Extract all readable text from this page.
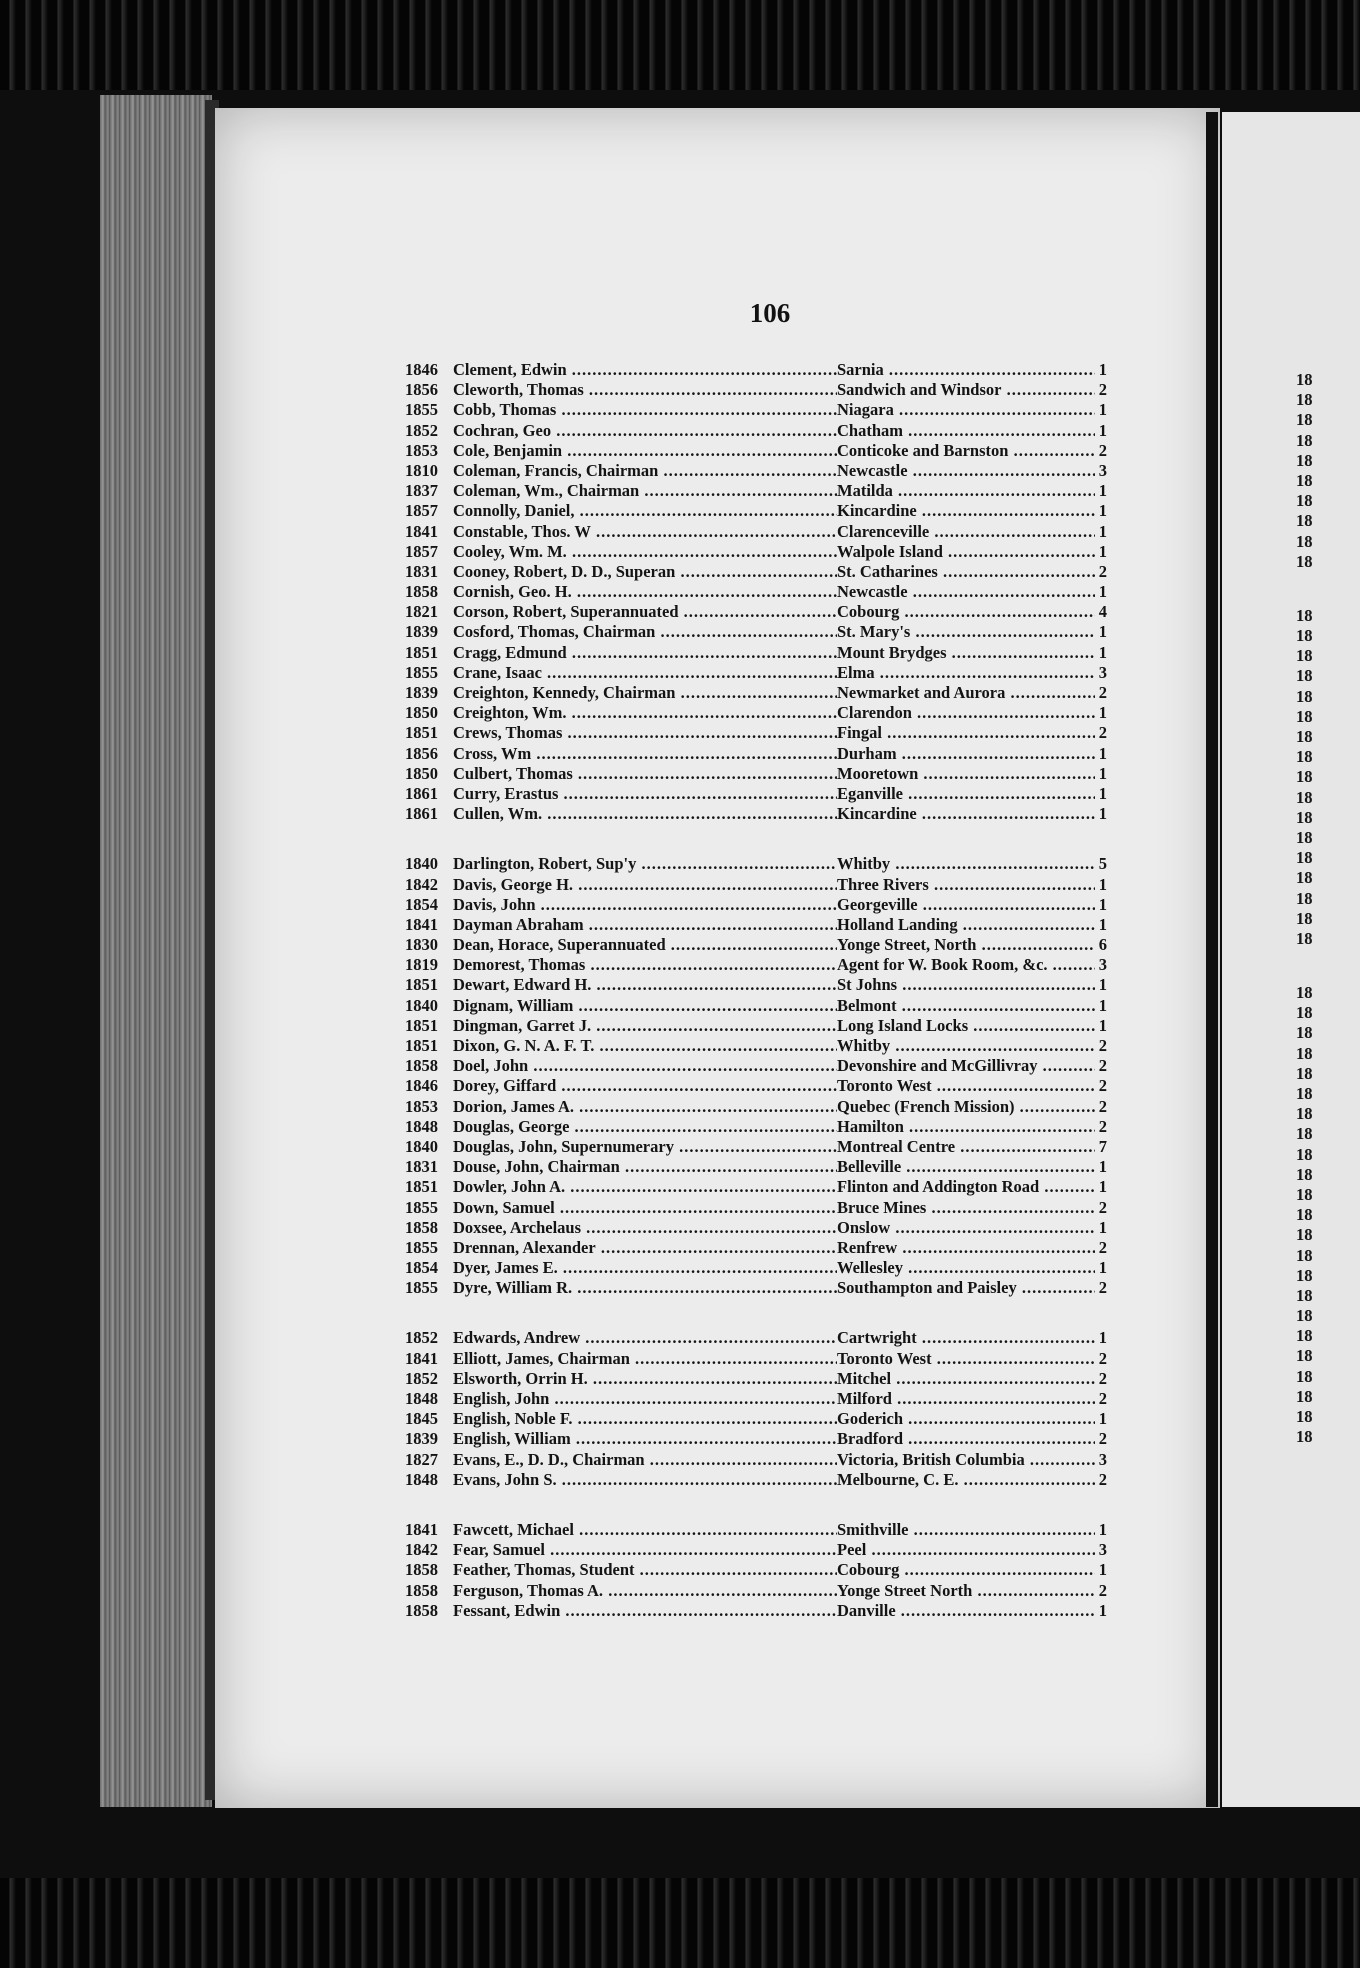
106
1846 Clement, Edwin .....	Sarnia .....	1
1856 Cleworth, Thomas .....	Sandwich and Windsor .....	2
1855 Cobb, Thomas .....	Niagara .....	1
1852 Cochran, Geo .....	Chatham .....	1
1853 Cole, Benjamin .....	Conticoke and Barnston .....	2
1810 Coleman, Francis, Chairman .....	Newcastle .....	3
1837 Coleman, Wm., Chairman .....	Matilda .....	1
1857 Connolly, Daniel, .....	Kincardine .....	1
1841 Constable, Thos. W .....	Clarenceville .....	1
1857 Cooley, Wm. M. .....	Walpole Island .....	1
1831 Cooney, Robert, D. D., Superan .....	St. Catharines .....	2
1858 Cornish, Geo. H. .....	Newcastle .....	1
1821 Corson, Robert, Superannuated .....	Cobourg .....	4
1839 Cosford, Thomas, Chairman .....	St. Mary's .....	1
1851 Cragg, Edmund .....	Mount Brydges .....	1
1855 Crane, Isaac .....	Elma .....	3
1839 Creighton, Kennedy, Chairman .....	Newmarket and Aurora .....	2
1850 Creighton, Wm. .....	Clarendon .....	1
1851 Crews, Thomas .....	Fingal .....	2
1856 Cross, Wm .....	Durham .....	1
1850 Culbert, Thomas .....	Mooretown .....	1
1861 Curry, Erastus .....	Eganville .....	1
1861 Cullen, Wm. .....	Kincardine .....	1
1840 Darlington, Robert, Sup'y .....	Whitby .....	5
1842 Davis, George H. .....	Three Rivers .....	1
1854 Davis, John .....	Georgeville .....	1
1841 Dayman Abraham .....	Holland Landing .....	1
1830 Dean, Horace, Superannuated .....	Yonge Street, North .....	6
1819 Demorest, Thomas .....	Agent for W. Book Room, &c. .....	3
1851 Dewart, Edward H. .....	St Johns .....	1
1840 Dignam, William .....	Belmont .....	1
1851 Dingman, Garret J. .....	Long Island Locks .....	1
1851 Dixon, G. N. A. F. T. .....	Whitby .....	2
1858 Doel, John .....	Devonshire and McGillivray .....	2
1846 Dorey, Giffard .....	Toronto West .....	2
1853 Dorion, James A. .....	Quebec (French Mission) .....	2
1848 Douglas, George .....	Hamilton .....	2
1840 Douglas, John, Supernumerary .....	Montreal Centre .....	7
1831 Douse, John, Chairman .....	Belleville .....	1
1851 Dowler, John A. .....	Flinton and Addington Road .....	1
1855 Down, Samuel .....	Bruce Mines .....	2
1858 Doxsee, Archelaus .....	Onslow .....	1
1855 Drennan, Alexander .....	Renfrew .....	2
1854 Dyer, James E. .....	Wellesley .....	1
1855 Dyre, William R. .....	Southampton and Paisley .....	2
1852 Edwards, Andrew .....	Cartwright .....	1
1841 Elliott, James, Chairman .....	Toronto West .....	2
1852 Elsworth, Orrin H. .....	Mitchel .....	2
1848 English, John .....	Milford .....	2
1845 English, Noble F. .....	Goderich .....	1
1839 English, William .....	Bradford .....	2
1827 Evans, E., D. D., Chairman .....	Victoria, British Columbia .....	3
1848 Evans, John S. .....	Melbourne, C. E. .....	2
1841 Fawcett, Michael .....	Smithville .....	1
1842 Fear, Samuel .....	Peel .....	3
1858 Feather, Thomas, Student .....	Cobourg .....	1
1858 Ferguson, Thomas A. .....	Yonge Street North .....	2
1858 Fessant, Edwin .....	Danville .....	1
18
18
18
18
18
18
18
18
18
18
18
18
18
18
18
18
18
18
18
18
18
18
18
18
18
18
18
18
18
18
18
18
18
18
18
18
18
18
18
18
18
18
18
18
18
18
18
18
18
18
